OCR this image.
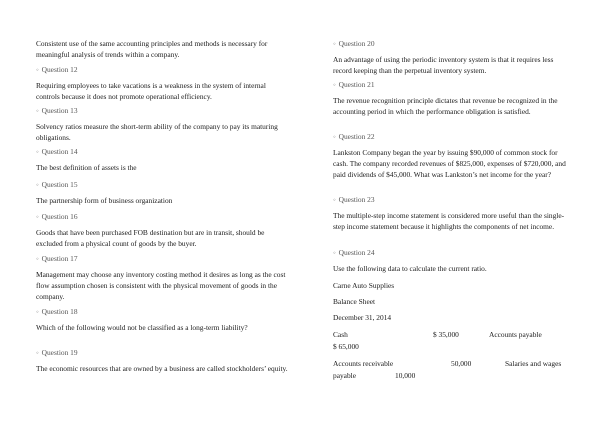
Consistent use of the same accounting principles and methods is necessary for meaningful analysis of trends within a company.
◦ Question 12
Requiring employees to take vacations is a weakness in the system of internal controls because it does not promote operational efficiency.
◦ Question 13
Solvency ratios measure the short-term ability of the company to pay its maturing obligations.
◦ Question 14
The best definition of assets is the
◦ Question 15
The partnership form of business organization
◦ Question 16
Goods that have been purchased FOB destination but are in transit, should be excluded from a physical count of goods by the buyer.
◦ Question 17
Management may choose any inventory costing method it desires as long as the cost flow assumption chosen is consistent with the physical movement of goods in the company.
◦ Question 18
Which of the following would not be classified as a long-term liability?
◦ Question 19
The economic resources that are owned by a business are called stockholders’ equity.
◦ Question 20
An advantage of using the periodic inventory system is that it requires less record keeping than the perpetual inventory system.
◦ Question 21
The revenue recognition principle dictates that revenue be recognized in the accounting period in which the performance obligation is satisfied.
◦ Question 22
Lankston Company began the year by issuing $90,000 of common stock for cash. The company recorded revenues of $825,000, expenses of $720,000, and paid dividends of $45,000. What was Lankston’s net income for the year?
◦ Question 23
The multiple-step income statement is considered more useful than the single-step income statement because it highlights the components of net income.
◦ Question 24
Use the following data to calculate the current ratio.
Carne Auto Supplies
Balance Sheet
December 31, 2014
Cash	$ 35,000	Accounts payable
$ 65,000
Accounts receivable	50,000	Salaries and wages
payable	10,000
